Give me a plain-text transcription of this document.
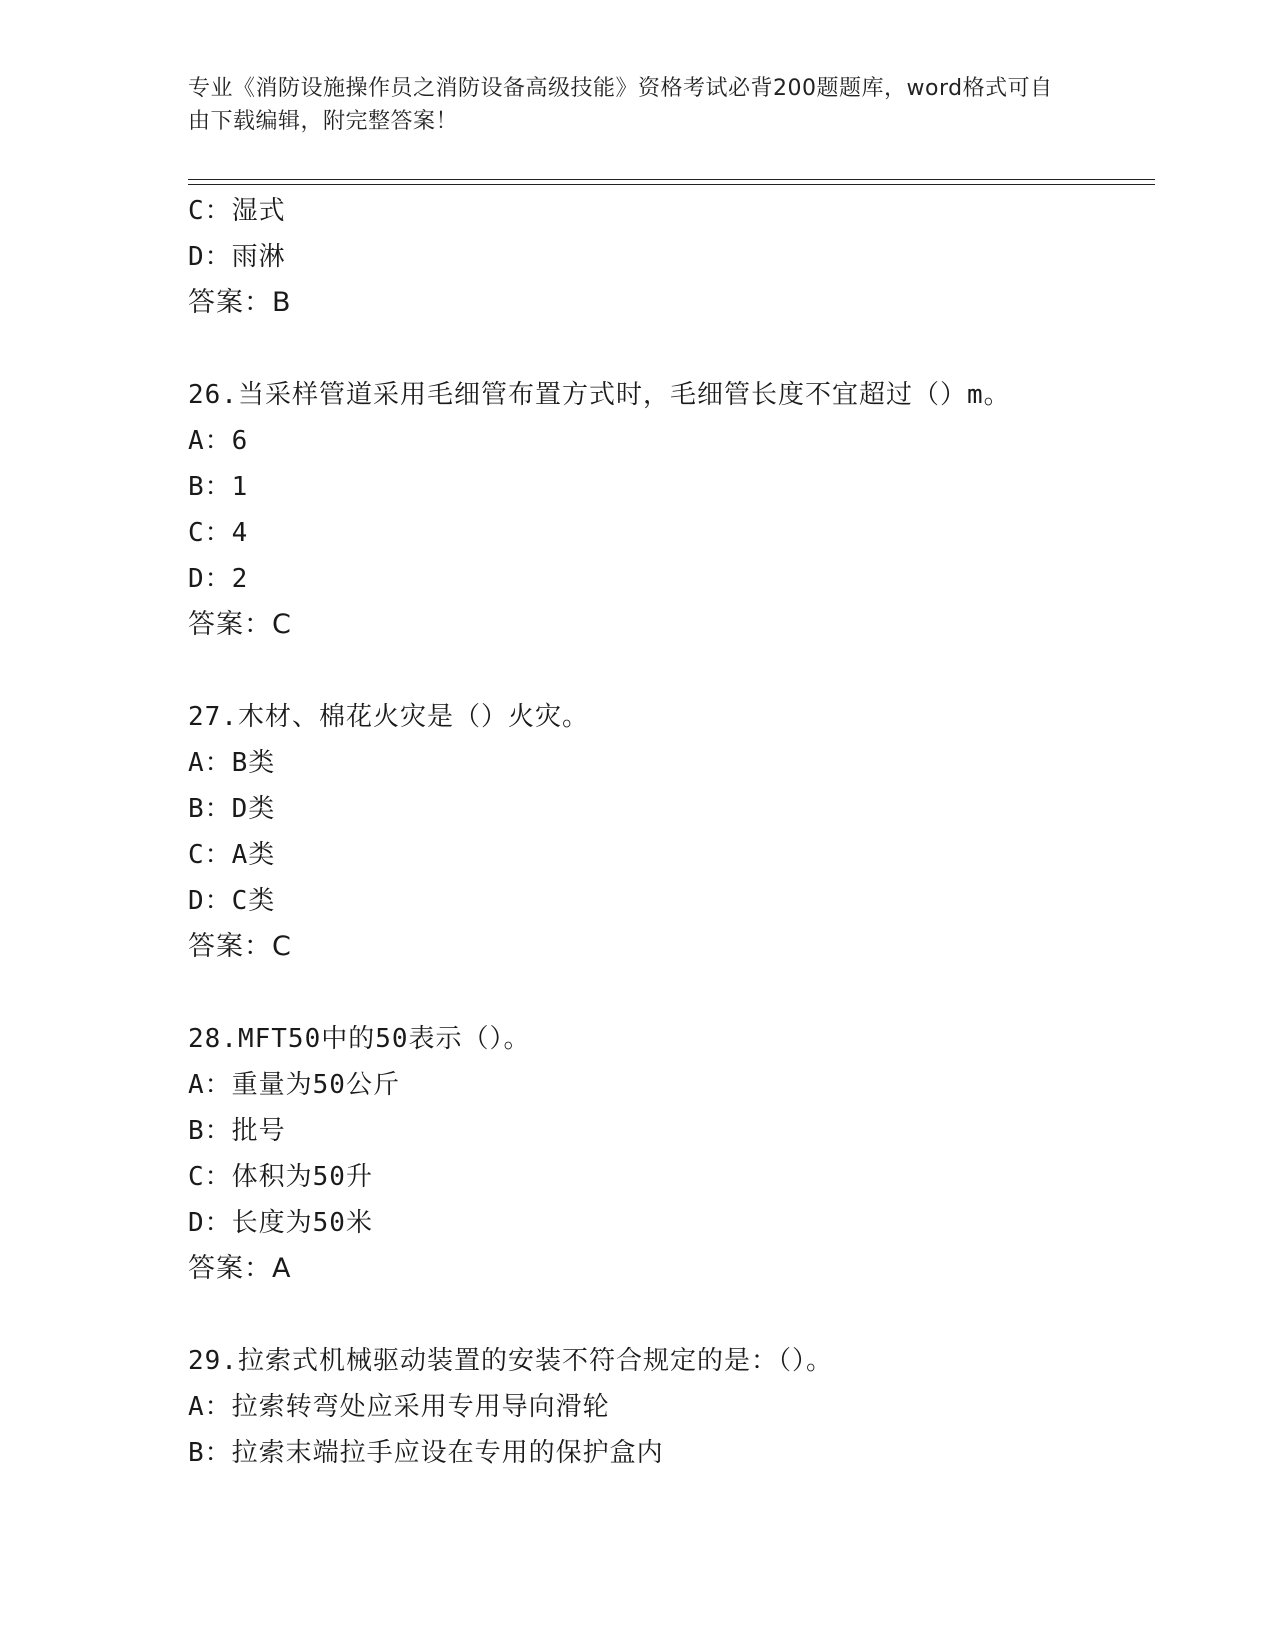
专业《消防设施操作员之消防设备高级技能》资格考试必背200题题库，word格式可自由下载编辑，附完整答案！
C：湿式
D：雨淋
答案：B
26.当采样管道采用毛细管布置方式时，毛细管长度不宜超过（）m。
A：6
B：1
C：4
D：2
答案：C
27.木材、棉花火灾是（）火灾。
A：B类
B：D类
C：A类
D：C类
答案：C
28.MFT50中的50表示（）。
A：重量为50公斤
B：批号
C：体积为50升
D：长度为50米
答案：A
29.拉索式机械驱动装置的安装不符合规定的是：（）。
A：拉索转弯处应采用专用导向滑轮
B：拉索末端拉手应设在专用的保护盒内
